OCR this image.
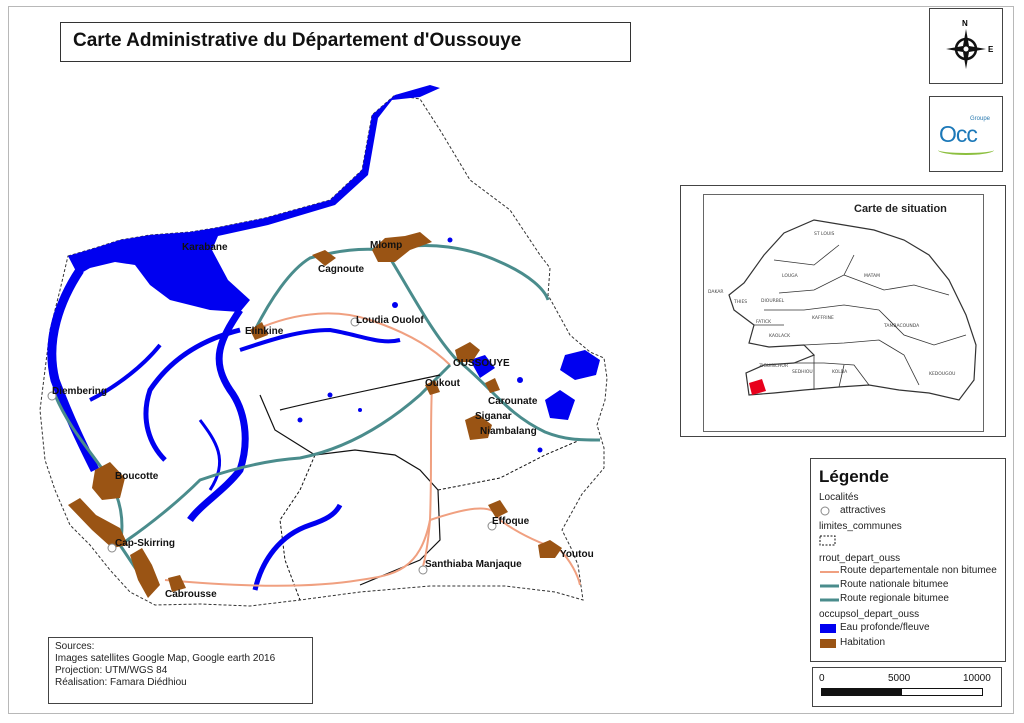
Karabane	Mlomp
Cagnoute
Elinkine
Loudia Ouolof
OUSSOUYE
Oukout
Carounate
Diembering
Siganar
Niambalang
Boucotte
Effoque
Cap-Skirring
Santhiaba Manjaque
Youtou
Cabrousse
Carte Administrative du Département d'Oussouye
N
E
Groupe
Occ
Carte de situation
ST LOUIS
LOUGA	MATAM
DAKAR
THIES	DIOURBEL
FATICK
KAFFRINE
KAOLACK
TAMBACOUNDA
KEDOUGOU
ZIGUINCHOR
SEDHIOU	KOLDA
Légende
Localités
attractives
limites_communes
rrout_depart_ouss
Route departementale non bitumee
Route nationale bitumee
Route regionale bitumee
occupsol_depart_ouss
Eau profonde/fleuve
Habitation
Sources:
Images satellites Google Map, Google earth 2016
Projection: UTM/WGS 84
Réalisation: Famara Diédhiou	0	5000	10000
